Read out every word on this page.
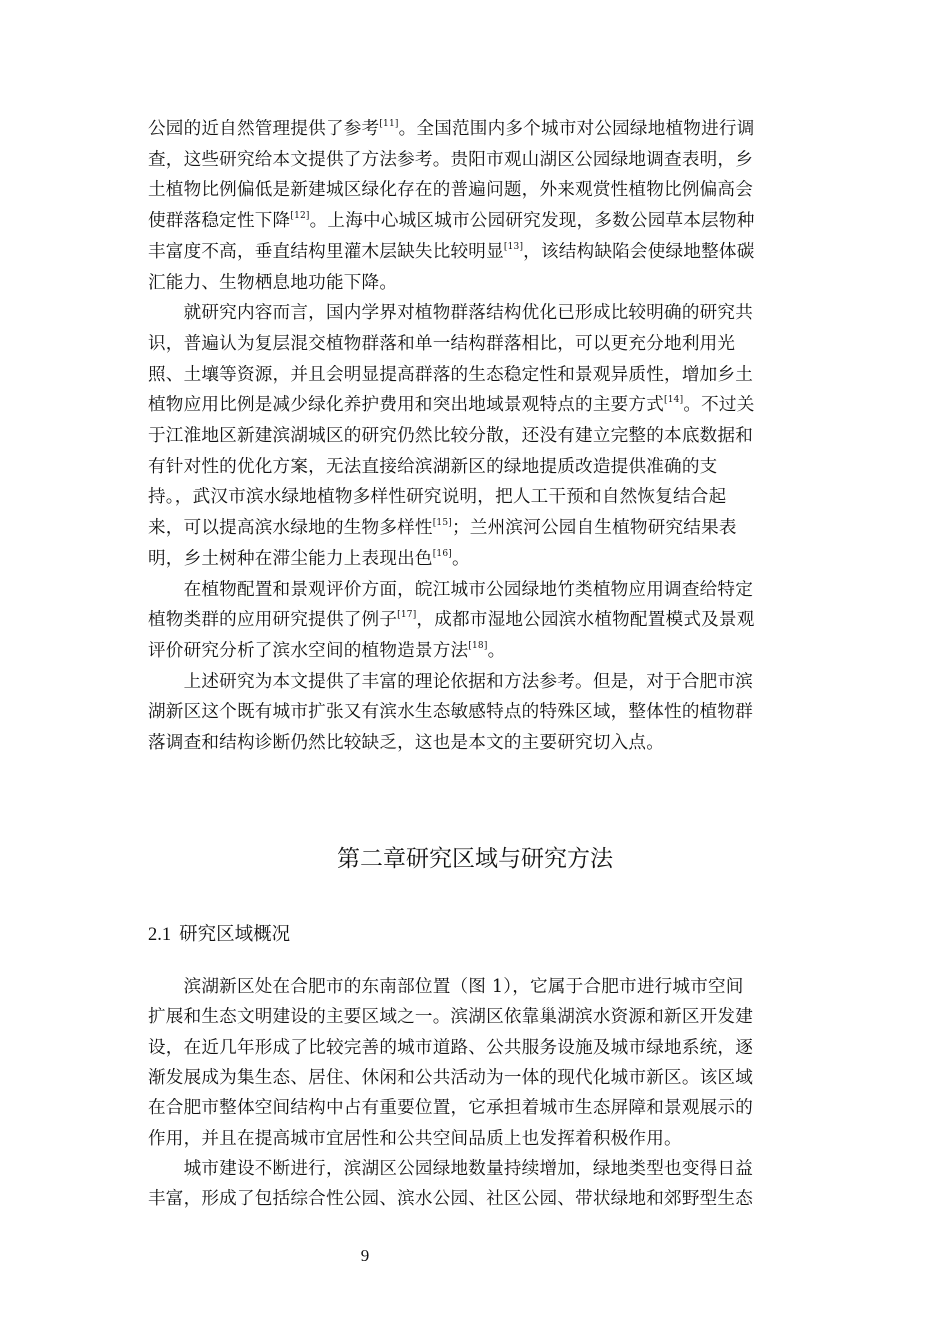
公园的近自然管理提供了参考[11]。全国范围内多个城市对公园绿地植物进行调
查，这些研究给本文提供了方法参考。贵阳市观山湖区公园绿地调查表明，乡
土植物比例偏低是新建城区绿化存在的普遍问题，外来观赏性植物比例偏高会
使群落稳定性下降[12]。上海中心城区城市公园研究发现，多数公园草本层物种
丰富度不高，垂直结构里灌木层缺失比较明显[13]，该结构缺陷会使绿地整体碳
汇能力、生物栖息地功能下降。
　　就研究内容而言，国内学界对植物群落结构优化已形成比较明确的研究共
识，普遍认为复层混交植物群落和单一结构群落相比，可以更充分地利用光
照、土壤等资源，并且会明显提高群落的生态稳定性和景观异质性，增加乡土
植物应用比例是减少绿化养护费用和突出地域景观特点的主要方式[14]。不过关
于江淮地区新建滨湖城区的研究仍然比较分散，还没有建立完整的本底数据和
有针对性的优化方案，无法直接给滨湖新区的绿地提质改造提供准确的支
持。，武汉市滨水绿地植物多样性研究说明，把人工干预和自然恢复结合起
来，可以提高滨水绿地的生物多样性[15]；兰州滨河公园自生植物研究结果表
明，乡土树种在滞尘能力上表现出色[16]。
　　在植物配置和景观评价方面，皖江城市公园绿地竹类植物应用调查给特定
植物类群的应用研究提供了例子[17]，成都市湿地公园滨水植物配置模式及景观
评价研究分析了滨水空间的植物造景方法[18]。
　　上述研究为本文提供了丰富的理论依据和方法参考。但是，对于合肥市滨
湖新区这个既有城市扩张又有滨水生态敏感特点的特殊区域，整体性的植物群
落调查和结构诊断仍然比较缺乏，这也是本文的主要研究切入点。
　　滨湖新区处在合肥市的东南部位置（图 1），它属于合肥市进行城市空间
扩展和生态文明建设的主要区域之一。滨湖区依靠巢湖滨水资源和新区开发建
设，在近几年形成了比较完善的城市道路、公共服务设施及城市绿地系统，逐
渐发展成为集生态、居住、休闲和公共活动为一体的现代化城市新区。该区域
在合肥市整体空间结构中占有重要位置，它承担着城市生态屏障和景观展示的
作用，并且在提高城市宜居性和公共空间品质上也发挥着积极作用。
　　城市建设不断进行，滨湖区公园绿地数量持续增加，绿地类型也变得日益
丰富，形成了包括综合性公园、滨水公园、社区公园、带状绿地和郊野型生态
第二章研究区域与研究方法
2.1 研究区域概况
9
